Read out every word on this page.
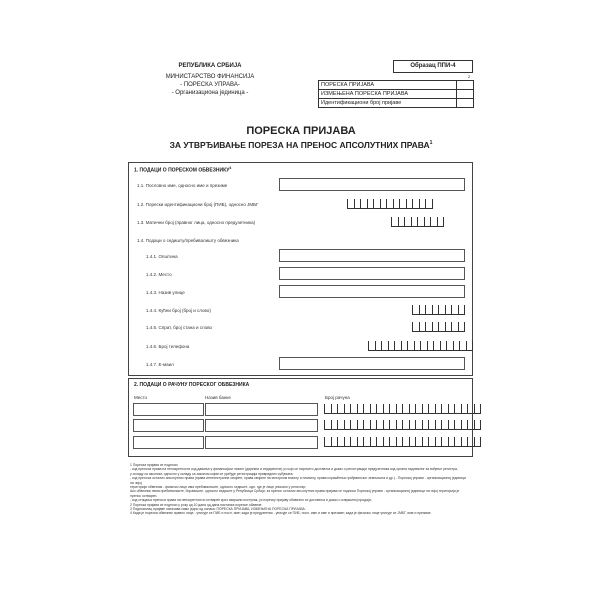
РЕПУБЛИКА СРБИЈА
МИНИСТАРСТВО ФИНАНСИЈА
- ПОРЕСКА УПРАВА-
- Организациона јединица -
Образац ППИ-4
2
ПОРЕСКА ПРИЈАВА	
ИЗМЕЊЕНА ПОРЕСКА ПРИЈАВА	
Идентификациони број пријаве	
ПОРЕСКА ПРИЈАВА
ЗА УТВРЂИВАЊЕ ПОРЕЗА НА ПРЕНОС АПСОЛУТНИХ ПРАВА$^1$
1. ПОДАЦИ О ПОРЕСКОМ ОБВЕЗНИКУ$^4$
1.1. Пословно име, односно име и презиме
1.2. Порески идентификациони број (ПИБ), односно ЈМБГ
1.3. Матични број (правног лица, односно предузетника)
1.4. Подаци о седишту/пребивалишту обвезника
1.4.1. Општина
1.4.2. Место
1.4.3. Назив улице
1.4.4. Кућни број (број и слово)
1.4.5. Спрат, број стана и слово
1.4.6. Број телефона
1.4.7. Е-маил
2. ПОДАЦИ О РАЧУНУ ПОРЕСКОГ ОБВЕЗНИКА
Место	Назив банке	Број рачуна
1 Пореска пријава се подноси:
- код преноса права на непокретности код давања у финансијски лизинг (дирекни и индиректни) уз који се нарочито доставља и доказ о регистрацији предузетника код органа надлежног за вођење регистра,
у складу са законом, односно у складу са законом којим се уређује регистрација привредних субјеката;
- код преноса осталих апсолутних права (права интелектуалне својине, права својине на моторном возилу и пловилу, права коришћења грађевинског земљишта и др.) - Пореској управи - организационој јединици на чијој
територији обвезник - физичко лице има пребивалиште, односно седиште, одн. где је лице уписано у регистар;
Ако обвезник нема пребивалиште, боравиште, односно седиште у Републици Србији, за пренос осталих апсолутних права пријава се подноси Пореској управи - организационој јединици на чијој територији је пренос остварен.
- код стицања преноса права на непокретности остварен кроз извршни поступак, уз пореску пријаву обавезно се доставља и доказ о извршеној продаји;
2 Пореска пријава се подноси у року од 10 дана од дана настанка пореске обавезе.
3 Подносилац пријаве означава само једно од ознака: ПОРЕСКА ПРИЈАВА, ИЗМЕЊЕНА ПОРЕСКА ПРИЈАВА.
4 Када је порески обвезник правно лице - уписује се ПИБ и посл. име; када је предузетник - уписује се ПИБ, посл. име и име и презиме; када је физичко лице уписује се ЈМБГ, име и презиме.
